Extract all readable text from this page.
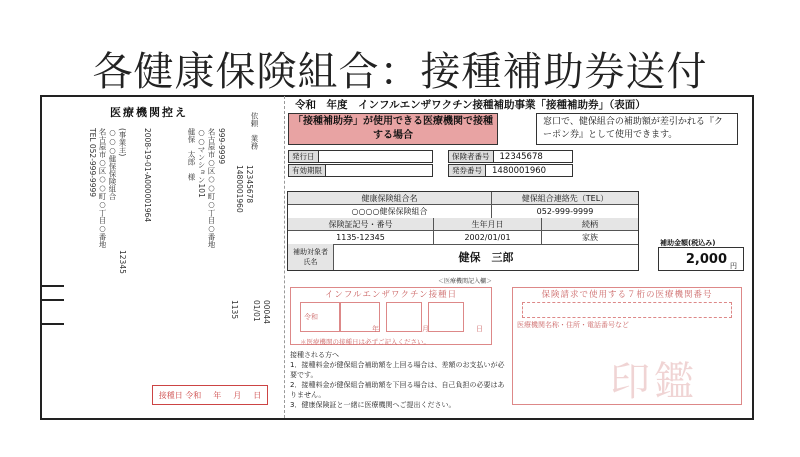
各健康保険組合：接種補助券送付
医療機関控え	依頼　業務
999-9999
名古屋市○区○○町○丁目○番地
○○マンション101
健保　太郎　様
2008‐19‐01‐A000001964
(事業主)
○○○健保保険組合
名古屋市○区○○町○丁目○番地
TEL 052-999-9999
12345
12345678
1480001960
1135	00044
01/01
接種日 令和 年 月 日
令和　年度　インフルエンザワクチン接種補助事業「接種補助券」（表面）
「接種補助券」が使用できる医療機関で接種する場合
窓口で、健保組合の補助額が差引かれる『クーポン券』として使用できます。
発行日
有効期限
保険者番号	12345678
発券番号	1480001960
健康保険組合名	健保組合連絡先（TEL）
○○○○健保保険組合	052-999-9999
保険証記号・番号	生年月日	続柄
1135-12345	2002/01/01	家族
補助対象者氏名	健保　三郎
＜医療機関記入欄＞
補助金額(税込み)
2,000 円
インフルエンザワクチン接種日
令和
年	月	日
＊医療機関の接種日は必ずご記入ください。
保険請求で使用する７桁の医療機関番号
医療機関名称・住所・電話番号など
印鑑
接種される方へ
1．接種料金が健保組合補助額を上回る場合は、差額のお支払いが必要です。
2．接種料金が健保組合補助額を下回る場合は、自己負担の必要はありません。
3．健康保険証と一緒に医療機関へご提出ください。
